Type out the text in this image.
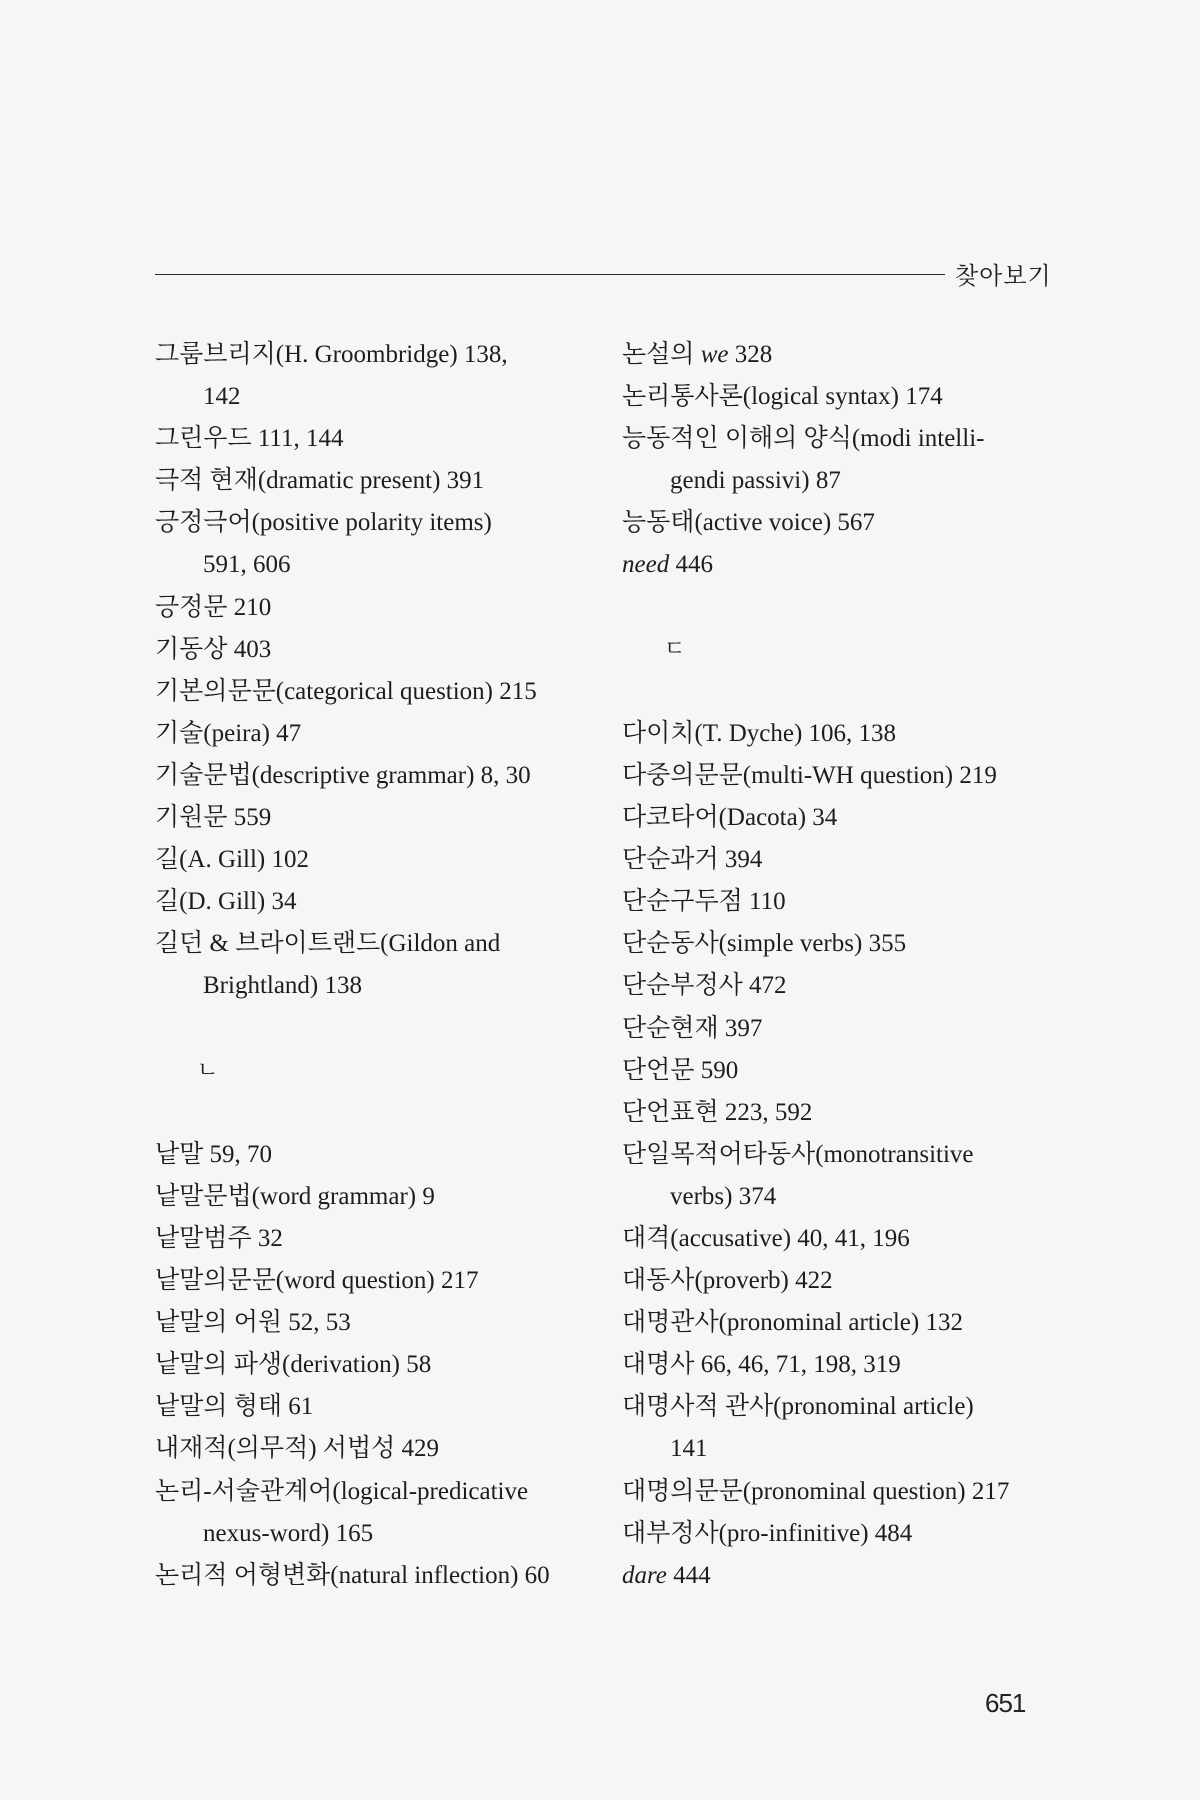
찾아보기
그룸브리지(H. Groombridge) 138,
142
그린우드 111, 144
극적 현재(dramatic present) 391
긍정극어(positive polarity items)
591, 606
긍정문 210
기동상 403
기본의문문(categorical question) 215
기술(peira) 47
기술문법(descriptive grammar) 8, 30
기원문 559
길(A. Gill) 102
길(D. Gill) 34
길던 & 브라이트랜드(Gildon and
Brightland) 138
ㄴ
낱말 59, 70
낱말문법(word grammar) 9
낱말범주 32
낱말의문문(word question) 217
낱말의 어원 52, 53
낱말의 파생(derivation) 58
낱말의 형태 61
내재적(의무적) 서법성 429
논리-서술관계어(logical-predicative
nexus-word) 165
논리적 어형변화(natural inflection) 60
논설의 we 328
논리통사론(logical syntax) 174
능동적인 이해의 양식(modi intelli-
gendi passivi) 87
능동태(active voice) 567
need 446
ㄷ
다이치(T. Dyche) 106, 138
다중의문문(multi-WH question) 219
다코타어(Dacota) 34
단순과거 394
단순구두점 110
단순동사(simple verbs) 355
단순부정사 472
단순현재 397
단언문 590
단언표현 223, 592
단일목적어타동사(monotransitive
verbs) 374
대격(accusative) 40, 41, 196
대동사(proverb) 422
대명관사(pronominal article) 132
대명사 66, 46, 71, 198, 319
대명사적 관사(pronominal article)
141
대명의문문(pronominal question) 217
대부정사(pro-infinitive) 484
dare 444
651
